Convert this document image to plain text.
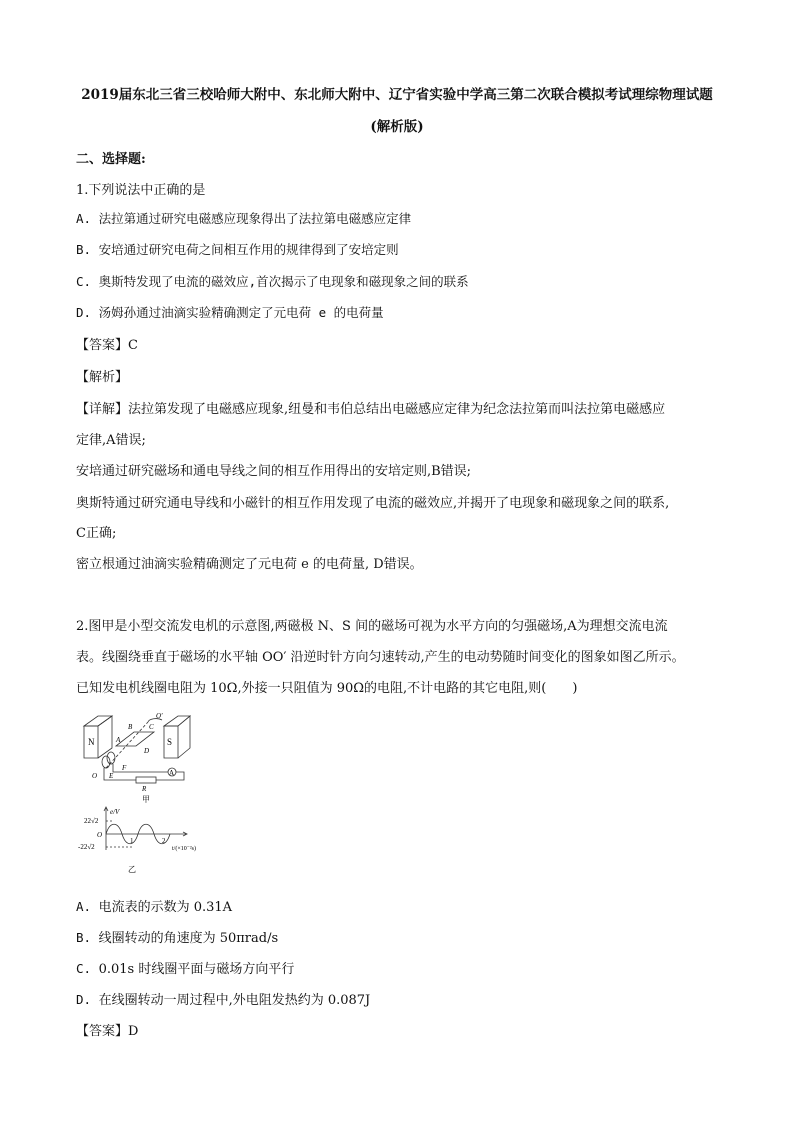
2019届东北三省三校哈师大附中、东北师大附中、辽宁省实验中学高三第二次联合模拟考试理综物理试题
(解析版)
二、选择题:
1.下列说法中正确的是
A. 法拉第通过研究电磁感应现象得出了法拉第电磁感应定律
B. 安培通过研究电荷之间相互作用的规律得到了安培定则
C. 奥斯特发现了电流的磁效应,首次揭示了电现象和磁现象之间的联系
D. 汤姆孙通过油滴实验精确测定了元电荷 e 的电荷量
【答案】C
【解析】
【详解】法拉第发现了电磁感应现象,纽曼和韦伯总结出电磁感应定律为纪念法拉第而叫法拉第电磁感应
定律,A错误;
安培通过研究磁场和通电导线之间的相互作用得出的安培定则,B错误;
奥斯特通过研究通电导线和小磁针的相互作用发现了电流的磁效应,并揭开了电现象和磁现象之间的联系,
C正确;
密立根通过油滴实验精确测定了元电荷 e 的电荷量, D错误。
2.图甲是小型交流发电机的示意图,两磁极 N、S 间的磁场可视为水平方向的匀强磁场,A为理想交流电流
表。线圈绕垂直于磁场的水平轴 OO′ 沿逆时针方向匀速转动,产生的电动势随时间变化的图象如图乙所示。
已知发电机线圈电阻为 10Ω,外接一只阻值为 90Ω的电阻,不计电路的其它电阻,则(　　)
N	S
A
R
A
B C
D
E
F
O
O′
甲
e/V
22√2
O
-22√2
1	2
t/(×10⁻²s)
乙
A. 电流表的示数为 0.31A
B. 线圈转动的角速度为 50πrad/s
C. 0.01s 时线圈平面与磁场方向平行
D. 在线圈转动一周过程中,外电阻发热约为 0.087J
【答案】D
